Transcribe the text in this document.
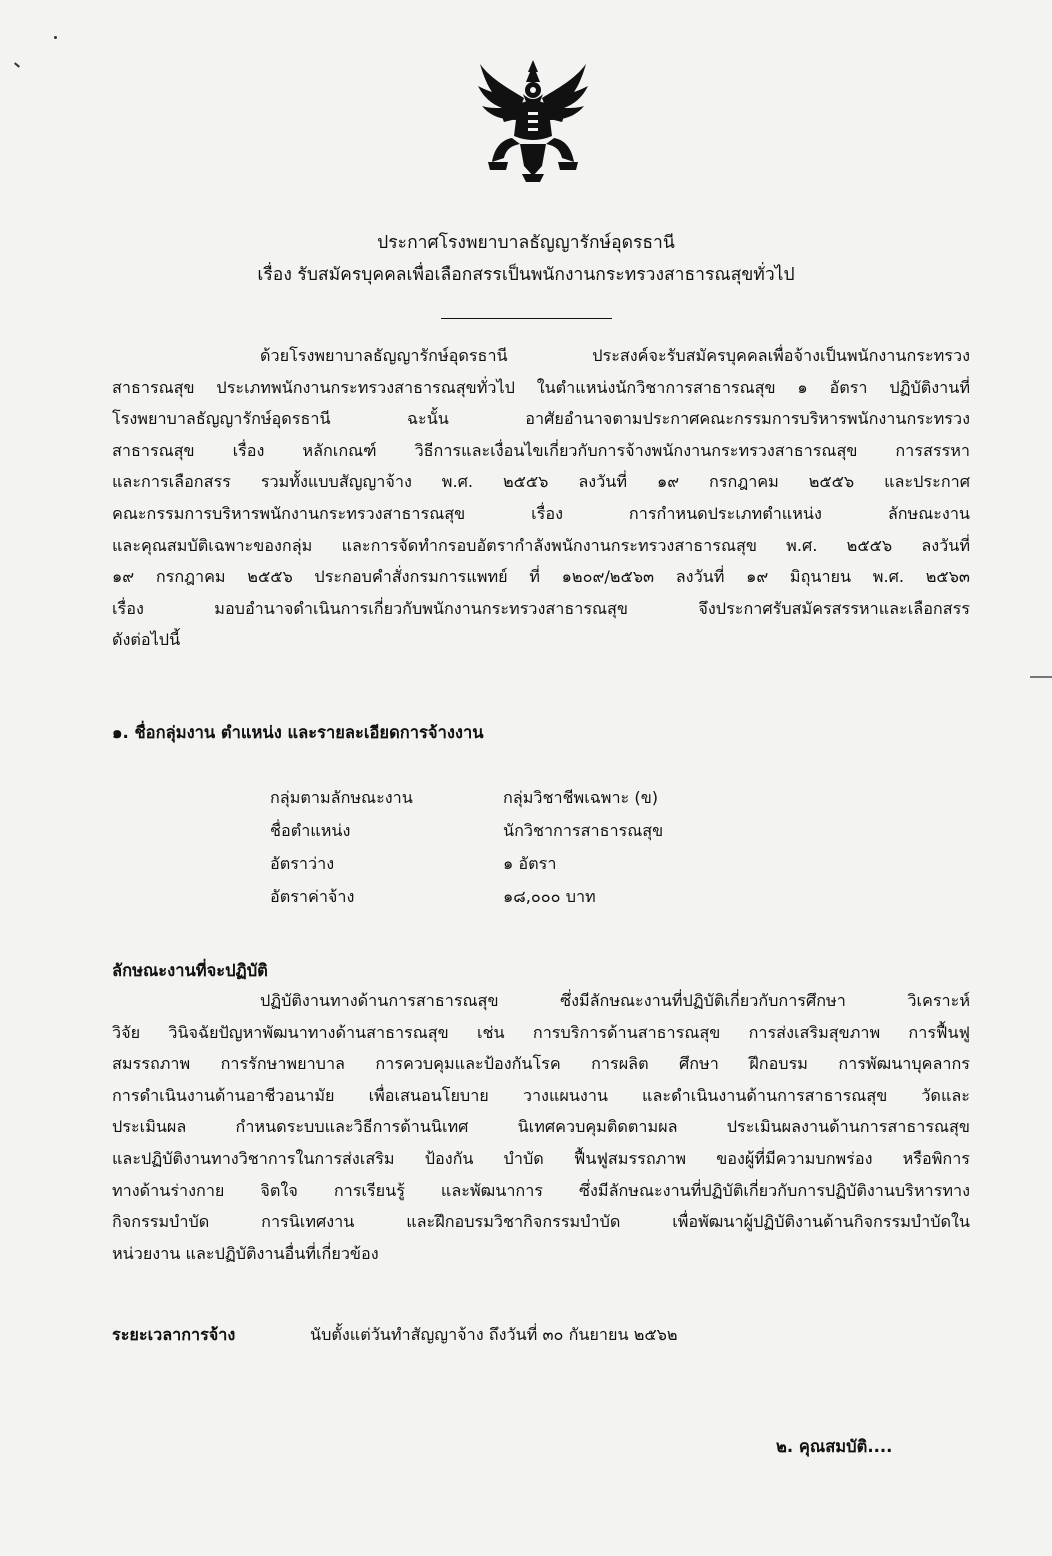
ประกาศโรงพยาบาลธัญญารักษ์อุดรธานี
เรื่อง รับสมัครบุคคลเพื่อเลือกสรรเป็นพนักงานกระทรวงสาธารณสุขทั่วไป
ด้วยโรงพยาบาลธัญญารักษ์อุดรธานี ประสงค์จะรับสมัครบุคคลเพื่อจ้างเป็นพนักงานกระทรวง
สาธารณสุข ประเภทพนักงานกระทรวงสาธารณสุขทั่วไป ในตำแหน่งนักวิชาการสาธารณสุข ๑ อัตรา ปฏิบัติงานที่
โรงพยาบาลธัญญารักษ์อุดรธานี ฉะนั้น อาศัยอำนาจตามประกาศคณะกรรมการบริหารพนักงานกระทรวง
สาธารณสุข เรื่อง หลักเกณฑ์ วิธีการและเงื่อนไขเกี่ยวกับการจ้างพนักงานกระทรวงสาธารณสุข การสรรหา
และการเลือกสรร รวมทั้งแบบสัญญาจ้าง พ.ศ. ๒๕๕๖ ลงวันที่ ๑๙ กรกฎาคม ๒๕๕๖ และประกาศ
คณะกรรมการบริหารพนักงานกระทรวงสาธารณสุข เรื่อง การกำหนดประเภทตำแหน่ง ลักษณะงาน
และคุณสมบัติเฉพาะของกลุ่ม และการจัดทำกรอบอัตรากำลังพนักงานกระทรวงสาธารณสุข พ.ศ. ๒๕๕๖ ลงวันที่
๑๙ กรกฎาคม ๒๕๕๖ ประกอบคำสั่งกรมการแพทย์ ที่ ๑๒๐๙/๒๕๖๓ ลงวันที่ ๑๙ มิถุนายน พ.ศ. ๒๕๖๓
เรื่อง มอบอำนาจดำเนินการเกี่ยวกับพนักงานกระทรวงสาธารณสุข จึงประกาศรับสมัครสรรหาและเลือกสรร
ดังต่อไปนี้
๑. ชื่อกลุ่มงาน ตำแหน่ง และรายละเอียดการจ้างงาน
กลุ่มตามลักษณะงาน	กลุ่มวิชาชีพเฉพาะ (ข)
ชื่อตำแหน่ง	นักวิชาการสาธารณสุข
อัตราว่าง	๑ อัตรา
อัตราค่าจ้าง	๑๘,๐๐๐ บาท
ลักษณะงานที่จะปฏิบัติ
ปฏิบัติงานทางด้านการสาธารณสุข ซึ่งมีลักษณะงานที่ปฏิบัติเกี่ยวกับการศึกษา วิเคราะห์
วิจัย วินิจฉัยปัญหาพัฒนาทางด้านสาธารณสุข เช่น การบริการด้านสาธารณสุข การส่งเสริมสุขภาพ การฟื้นฟู
สมรรถภาพ การรักษาพยาบาล การควบคุมและป้องกันโรค การผลิต ศึกษา ฝึกอบรม การพัฒนาบุคลากร
การดำเนินงานด้านอาชีวอนามัย เพื่อเสนอนโยบาย วางแผนงาน และดำเนินงานด้านการสาธารณสุข วัดและ
ประเมินผล กำหนดระบบและวิธีการด้านนิเทศ นิเทศควบคุมติดตามผล ประเมินผลงานด้านการสาธารณสุข
และปฏิบัติงานทางวิชาการในการส่งเสริม ป้องกัน บำบัด ฟื้นฟูสมรรถภาพ ของผู้ที่มีความบกพร่อง หรือพิการ
ทางด้านร่างกาย จิตใจ การเรียนรู้ และพัฒนาการ ซึ่งมีลักษณะงานที่ปฏิบัติเกี่ยวกับการปฏิบัติงานบริหารทาง
กิจกรรมบำบัด การนิเทศงาน และฝึกอบรมวิชากิจกรรมบำบัด เพื่อพัฒนาผู้ปฏิบัติงานด้านกิจกรรมบำบัดใน
หน่วยงาน และปฏิบัติงานอื่นที่เกี่ยวข้อง
ระยะเวลาการจ้าง	นับตั้งแต่วันทำสัญญาจ้าง ถึงวันที่ ๓๐ กันยายน ๒๕๖๒
๒. คุณสมบัติ....
